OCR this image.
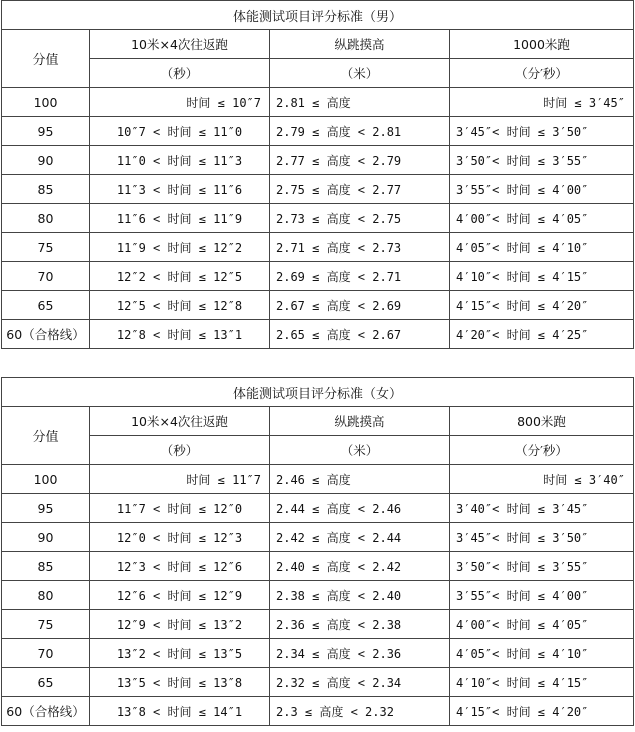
体能测试项目评分标准（男）			
分值	10米×4次往返跑	纵跳摸高	1000米跑
	（秒）	（米）	（分′秒）
100	时间 ≤ 10″7	2.81 ≤ 高度	时间 ≤ 3′45″
95	10″7 < 时间 ≤ 11″0	2.79 ≤ 高度 < 2.81	3′45″< 时间 ≤ 3′50″
90	11″0 < 时间 ≤ 11″3	2.77 ≤ 高度 < 2.79	3′50″< 时间 ≤ 3′55″
85	11″3 < 时间 ≤ 11″6	2.75 ≤ 高度 < 2.77	3′55″< 时间 ≤ 4′00″
80	11″6 < 时间 ≤ 11″9	2.73 ≤ 高度 < 2.75	4′00″< 时间 ≤ 4′05″
75	11″9 < 时间 ≤ 12″2	2.71 ≤ 高度 < 2.73	4′05″< 时间 ≤ 4′10″
70	12″2 < 时间 ≤ 12″5	2.69 ≤ 高度 < 2.71	4′10″< 时间 ≤ 4′15″
65	12″5 < 时间 ≤ 12″8	2.67 ≤ 高度 < 2.69	4′15″< 时间 ≤ 4′20″
60（合格线）	12″8 < 时间 ≤ 13″1	2.65 ≤ 高度 < 2.67	4′20″< 时间 ≤ 4′25″
体能测试项目评分标准（女）			
分值	10米×4次往返跑	纵跳摸高	800米跑
	（秒）	（米）	（分′秒）
100	时间 ≤ 11″7	2.46 ≤ 高度	时间 ≤ 3′40″
95	11″7 < 时间 ≤ 12″0	2.44 ≤ 高度 < 2.46	3′40″< 时间 ≤ 3′45″
90	12″0 < 时间 ≤ 12″3	2.42 ≤ 高度 < 2.44	3′45″< 时间 ≤ 3′50″
85	12″3 < 时间 ≤ 12″6	2.40 ≤ 高度 < 2.42	3′50″< 时间 ≤ 3′55″
80	12″6 < 时间 ≤ 12″9	2.38 ≤ 高度 < 2.40	3′55″< 时间 ≤ 4′00″
75	12″9 < 时间 ≤ 13″2	2.36 ≤ 高度 < 2.38	4′00″< 时间 ≤ 4′05″
70	13″2 < 时间 ≤ 13″5	2.34 ≤ 高度 < 2.36	4′05″< 时间 ≤ 4′10″
65	13″5 < 时间 ≤ 13″8	2.32 ≤ 高度 < 2.34	4′10″< 时间 ≤ 4′15″
60（合格线）	13″8 < 时间 ≤ 14″1	2.3 ≤ 高度 < 2.32	4′15″< 时间 ≤ 4′20″
